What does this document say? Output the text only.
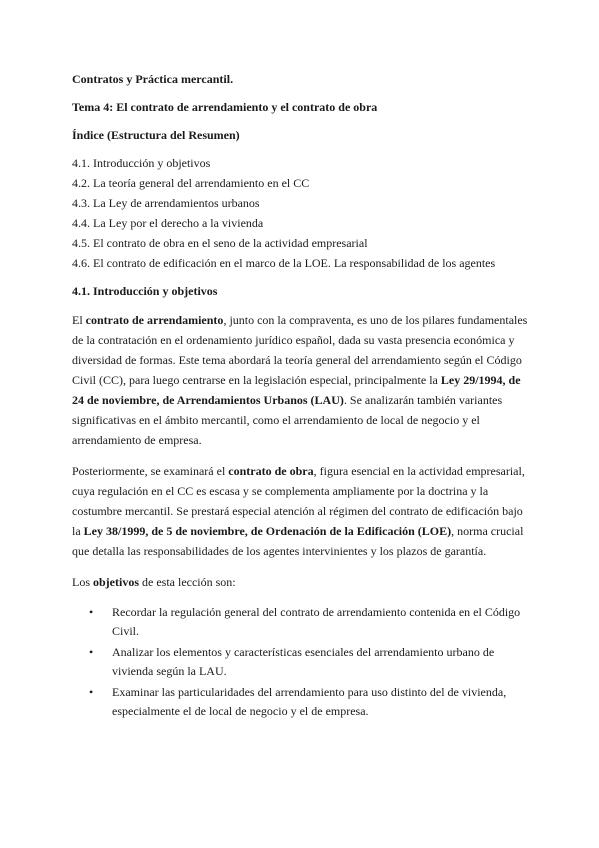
Contratos y Práctica mercantil.

Tema 4: El contrato de arrendamiento y el contrato de obra

Índice (Estructura del Resumen)

4.1. Introducción y objetivos
4.2. La teoría general del arrendamiento en el CC
4.3. La Ley de arrendamientos urbanos
4.4. La Ley por el derecho a la vivienda
4.5. El contrato de obra en el seno de la actividad empresarial
4.6. El contrato de edificación en el marco de la LOE. La responsabilidad de los agentes

4.1. Introducción y objetivos

El contrato de arrendamiento, junto con la compraventa, es uno de los pilares fundamentales de la contratación en el ordenamiento jurídico español, dada su vasta presencia económica y diversidad de formas. Este tema abordará la teoría general del arrendamiento según el Código Civil (CC), para luego centrarse en la legislación especial, principalmente la Ley 29/1994, de 24 de noviembre, de Arrendamientos Urbanos (LAU). Se analizarán también variantes significativas en el ámbito mercantil, como el arrendamiento de local de negocio y el arrendamiento de empresa.

Posteriormente, se examinará el contrato de obra, figura esencial en la actividad empresarial, cuya regulación en el CC es escasa y se complementa ampliamente por la doctrina y la costumbre mercantil. Se prestará especial atención al régimen del contrato de edificación bajo la Ley 38/1999, de 5 de noviembre, de Ordenación de la Edificación (LOE), norma crucial que detalla las responsabilidades de los agentes intervinientes y los plazos de garantía.

Los objetivos de esta lección son:

• Recordar la regulación general del contrato de arrendamiento contenida en el Código Civil.
• Analizar los elementos y características esenciales del arrendamiento urbano de vivienda según la LAU.
• Examinar las particularidades del arrendamiento para uso distinto del de vivienda, especialmente el de local de negocio y el de empresa.
